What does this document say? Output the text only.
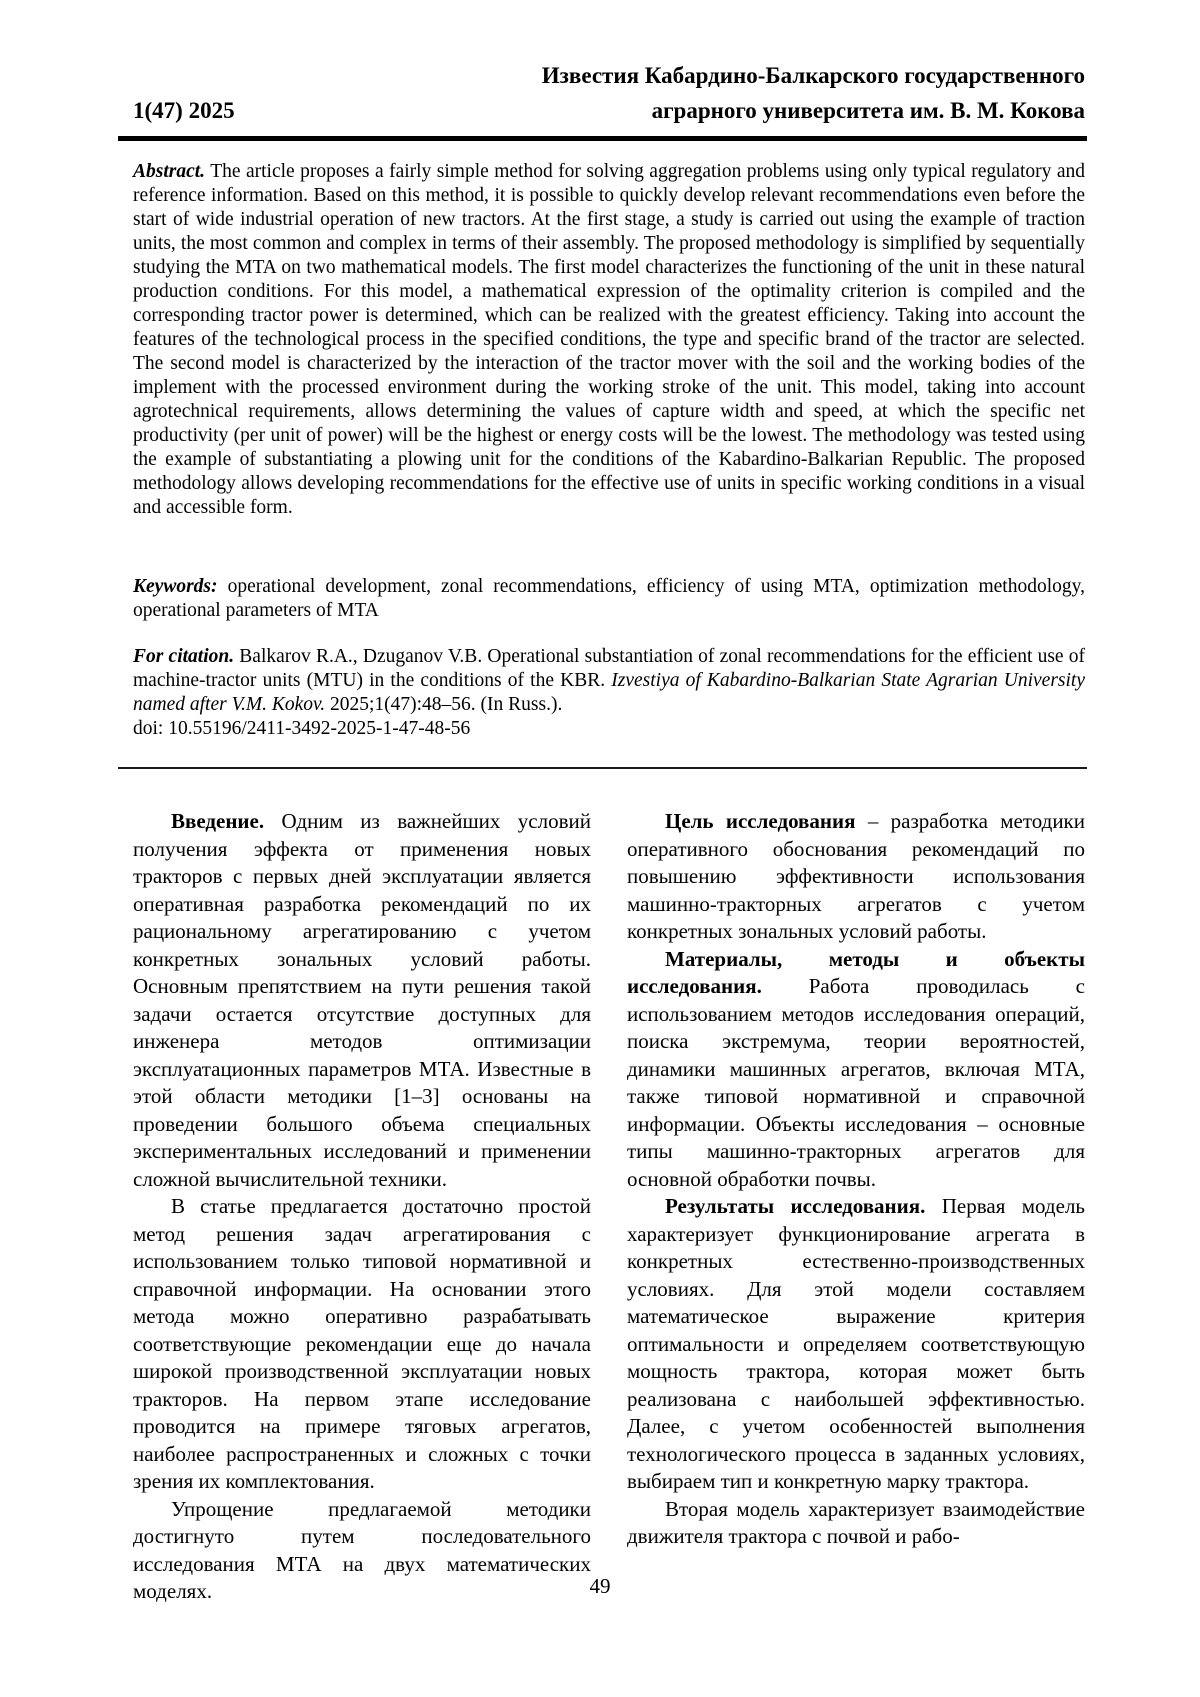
1(47) 2025
Известия Кабардино-Балкарского государственного
аграрного университета им. В. М. Кокова

Abstract. The article proposes a fairly simple method for solving aggregation problems using only typical regulatory and reference information. Based on this method, it is possible to quickly develop relevant recommendations even before the start of wide industrial operation of new tractors. At the first stage, a study is carried out using the example of traction units, the most common and complex in terms of their assembly. The proposed methodology is simplified by sequentially studying the MTA on two mathematical models. The first model characterizes the functioning of the unit in these natural production conditions. For this model, a mathematical expression of the optimality criterion is compiled and the corresponding tractor power is determined, which can be realized with the greatest efficiency. Taking into account the features of the technological process in the specified conditions, the type and specific brand of the tractor are selected. The second model is characterized by the interaction of the tractor mover with the soil and the working bodies of the implement with the processed environment during the working stroke of the unit. This model, taking into account agrotechnical requirements, allows determining the values of capture width and speed, at which the specific net productivity (per unit of power) will be the highest or energy costs will be the lowest. The methodology was tested using the example of substantiating a plowing unit for the conditions of the Kabardino-Balkarian Republic. The proposed methodology allows developing recommendations for the effective use of units in specific working conditions in a visual and accessible form.

Keywords: operational development, zonal recommendations, efficiency of using MTA, optimization methodology, operational parameters of MTA

For citation. Balkarov R.A., Dzuganov V.B. Operational substantiation of zonal recommendations for the efficient use of machine-tractor units (MTU) in the conditions of the KBR. Izvestiya of Kabardino-Balkarian State Agrarian University named after V.M. Kokov. 2025;1(47):48–56. (In Russ.).
doi: 10.55196/2411-3492-2025-1-47-48-56

Введение. Одним из важнейших условий получения эффекта от применения новых тракторов с первых дней эксплуатации является оперативная разработка рекомендаций по их рациональному агрегатированию с учетом конкретных зональных условий работы. Основным препятствием на пути решения такой задачи остается отсутствие доступных для инженера методов оптимизации эксплуатационных параметров МТА. Известные в этой области методики [1–3] основаны на проведении большого объема специальных экспериментальных исследований и применении сложной вычислительной техники.

В статье предлагается достаточно простой метод решения задач агрегатирования с использованием только типовой нормативной и справочной информации. На основании этого метода можно оперативно разрабатывать соответствующие рекомендации еще до начала широкой производственной эксплуатации новых тракторов. На первом этапе исследование проводится на примере тяговых агрегатов, наиболее распространенных и сложных с точки зрения их комплектования.

Упрощение предлагаемой методики достигнуто путем последовательного исследования МТА на двух математических моделях.

Цель исследования – разработка методики оперативного обоснования рекомендаций по повышению эффективности использования машинно-тракторных агрегатов с учетом конкретных зональных условий работы.

Материалы, методы и объекты исследования. Работа проводилась с использованием методов исследования операций, поиска экстремума, теории вероятностей, динамики машинных агрегатов, включая МТА, также типовой нормативной и справочной информации. Объекты исследования – основные типы машинно-тракторных агрегатов для основной обработки почвы.

Результаты исследования. Первая модель характеризует функционирование агрегата в конкретных естественно-производственных условиях. Для этой модели составляем математическое выражение критерия оптимальности и определяем соответствующую мощность трактора, которая может быть реализована с наибольшей эффективностью. Далее, с учетом особенностей выполнения технологического процесса в заданных условиях, выбираем тип и конкретную марку трактора.

Вторая модель характеризует взаимодействие движителя трактора с почвой и рабо-

49
